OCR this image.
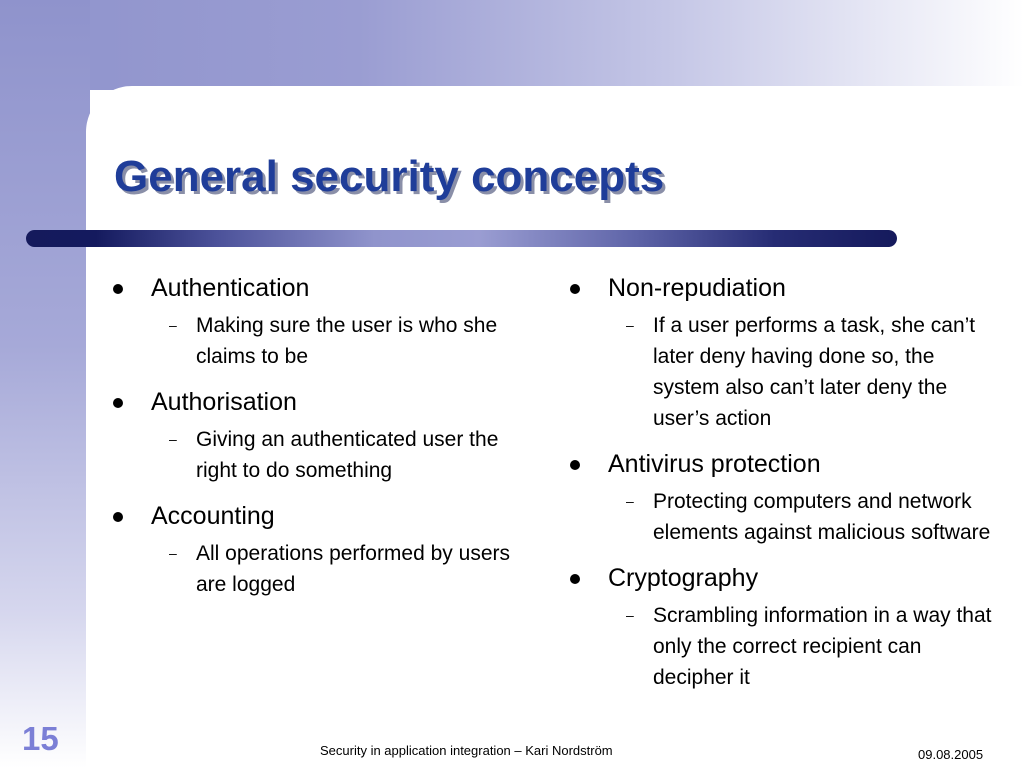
General security concepts
Authentication
– Making sure the user is who she claims to be
Authorisation
– Giving an authenticated user the right to do something
Accounting
– All operations performed by users are logged
Non-repudiation
– If a user performs a task, she can’t later deny having done so, the system also can’t later deny the user’s action
Antivirus protection
– Protecting computers and network elements against malicious software
Cryptography
– Scrambling information in a way that only the correct recipient can decipher it
15	Security in application integration – Kari Nordström	09.08.2005
